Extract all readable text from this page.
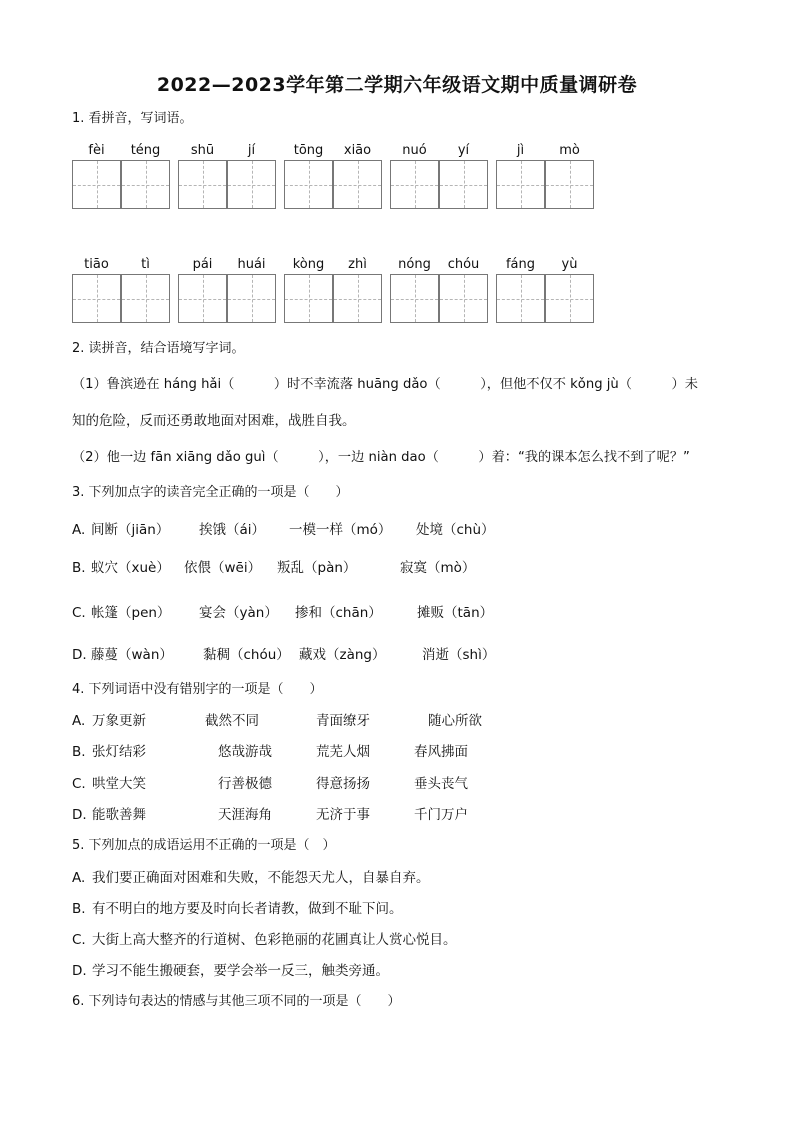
2022—2023学年第二学期六年级语文期中质量调研卷
1. 看拼音，写词语。
fèi	téng	shū	jí	tōng	xiāo	nuó	yí	jì	mò
tiāo	tì	pái	huái	kòng	zhì	nóng	chóu	fáng	yù
2. 读拼音，结合语境写字词。
（1）鲁滨逊在 háng hǎi（　　　）时不幸流落 huāng dǎo（　　　），但他不仅不 kǒng jù（　　　）未
知的危险，反而还勇敢地面对困难，战胜自我。
（2）他一边 fān xiāng dǎo guì（　　　），一边 niàn dao（　　　）着：“我的课本怎么找不到了呢？”
3. 下列加点字的读音完全正确的一项是（　　）
A. 间断（jiān） 挨饿（ái） 一模一样（mó） 处境（chù）
B. 蚁穴（xuè） 依偎（wēi） 叛乱（pàn）	寂寞（mò）
C. 帐篷（pen） 宴会（yàn） 掺和（chān）	摊贩（tān）
D. 藤蔓（wàn） 黏稠（chóu） 藏戏（zàng）	消逝（shì）
4. 下列词语中没有错别字的一项是（　　）
A. 万象更新	截然不同	青面缭牙	随心所欲
B. 张灯结彩	悠哉游哉	荒芜人烟	春风拂面
C. 哄堂大笑	行善极德	得意扬扬	垂头丧气
D. 能歌善舞	天涯海角	无济于事	千门万户
5. 下列加点的成语运用不正确的一项是（　）
A. 我们要正确面对困难和失败，不能怨天尤人，自暴自弃。
B. 有不明白的地方要及时向长者请教，做到不耻下问。
C. 大街上高大整齐的行道树、色彩艳丽的花圃真让人赏心悦目。
D. 学习不能生搬硬套，要学会举一反三，触类旁通。
6. 下列诗句表达的情感与其他三项不同的一项是（　　）
